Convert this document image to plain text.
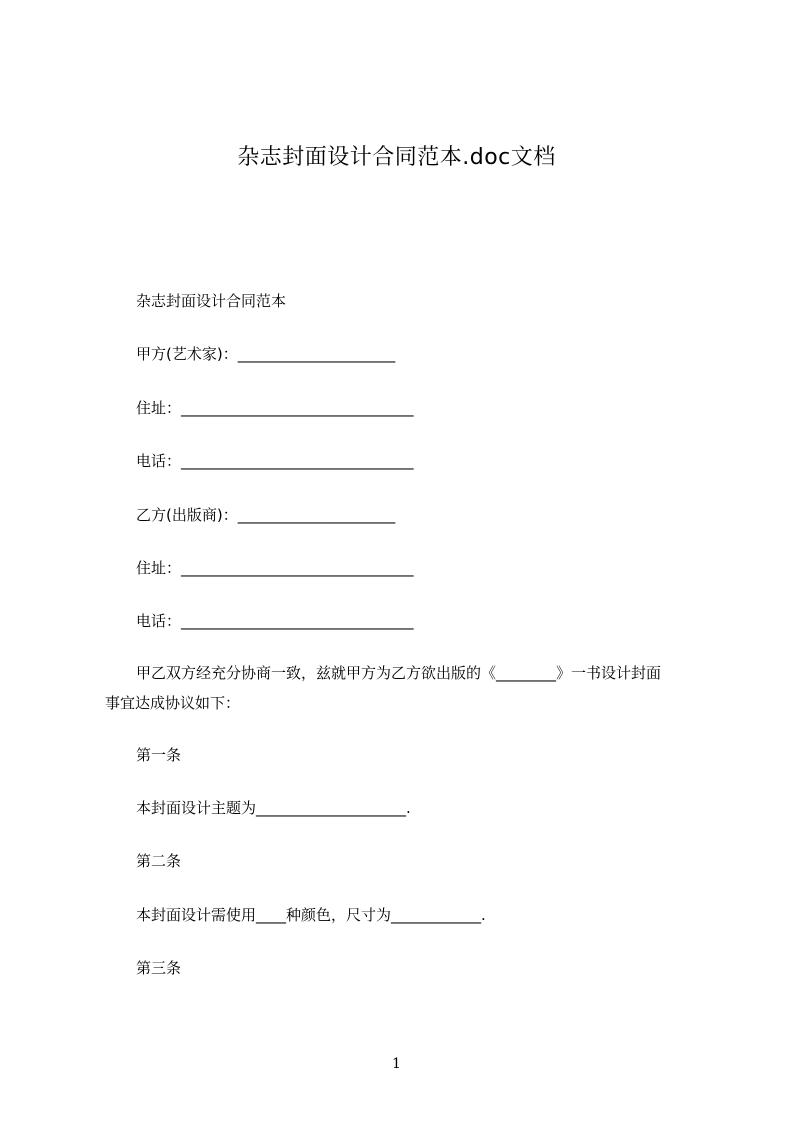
杂志封面设计合同范本.doc文档
杂志封面设计合同范本
甲方(艺术家)：_____________________
住址：_______________________________
电话：_______________________________
乙方(出版商)：_____________________
住址：_______________________________
电话：_______________________________
甲乙双方经充分协商一致，兹就甲方为乙方欲出版的《________》一书设计封面
事宜达成协议如下：
第一条
本封面设计主题为____________________.
第二条
本封面设计需使用____种颜色，尺寸为____________.
第三条
1
